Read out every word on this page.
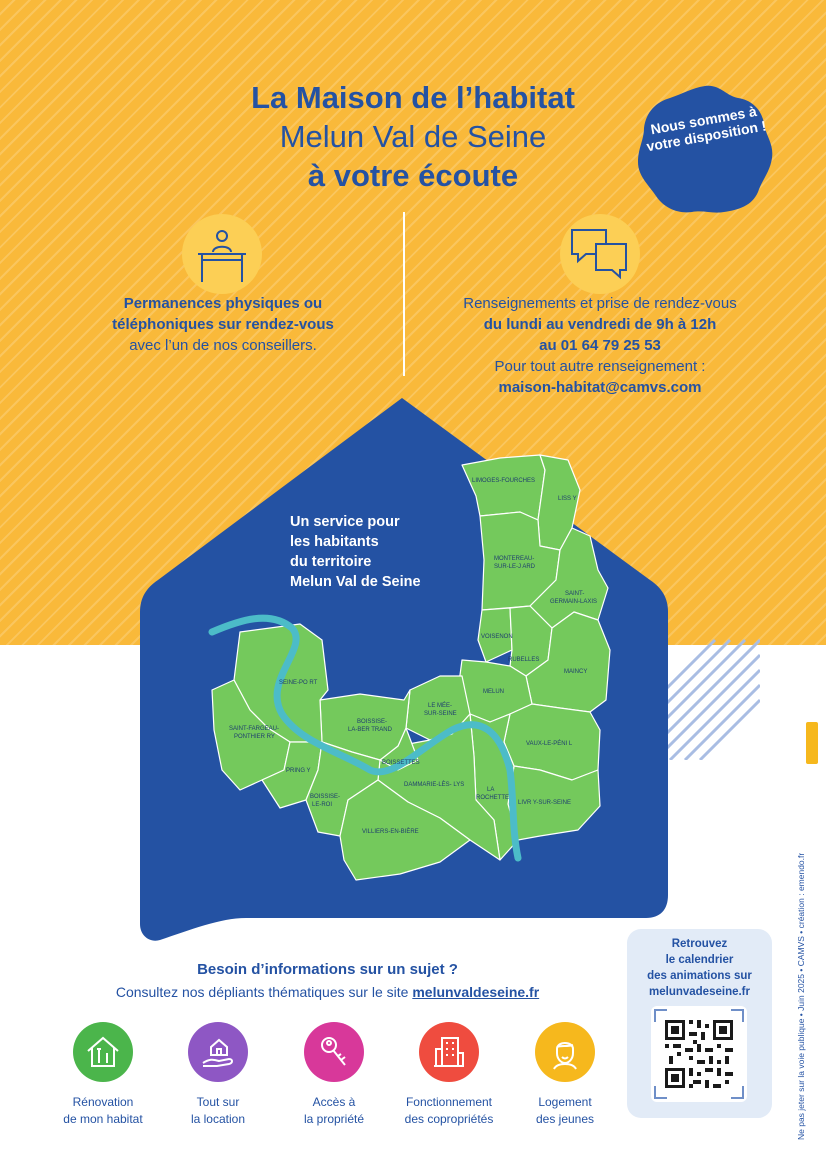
La Maison de l’habitat
Melun Val de Seine
à votre écoute
Nous sommes à votre disposition !
Permanences physiques ou téléphoniques sur rendez-vous avec l’un de nos conseillers.
Renseignements et prise de rendez-vous
du lundi au vendredi de 9h à 12h
au 01 64 79 25 53
Pour tout autre renseignement :
maison-habitat@camvs.com
LIMOGES-FOURCHES
LISS Y
MONTEREAU-
SUR-LE-J ARD
SAINT-
GERMAIN-LAXIS
VOISENON
RUBELLES
MAINCY
MELUN
LE MÉE-
SUR-SEINE
SEINE-PO RT
BOISSISE-
LA-BER TRAND
SAINT-FARGEAU-
PONTHIER RY
PRING Y
BOISSISE-
LE-ROI
BOISSETTES
DAMMARIE-LÈS- LYS
LA
ROCHETTE
VAUX-LE-PÉNI L
LIVR Y-SUR-SEINE
VILLIERS-EN-BIÈRE
Un service pour
les habitants
du territoire
Melun Val de Seine
Besoin d’informations sur un sujet ?
Consultez nos dépliants thématiques sur le site melunvaldeseine.fr
Rénovation
de mon habitat
Tout sur
la location
Accès à
la propriété
Fonctionnement
des copropriétés
Logement
des jeunes
Retrouvez
le calendrier
des animations sur
melunvadeseine.fr	Ne pas jeter sur la voie publique • Juin 2025 • CAMVS • création : emendo.fr
